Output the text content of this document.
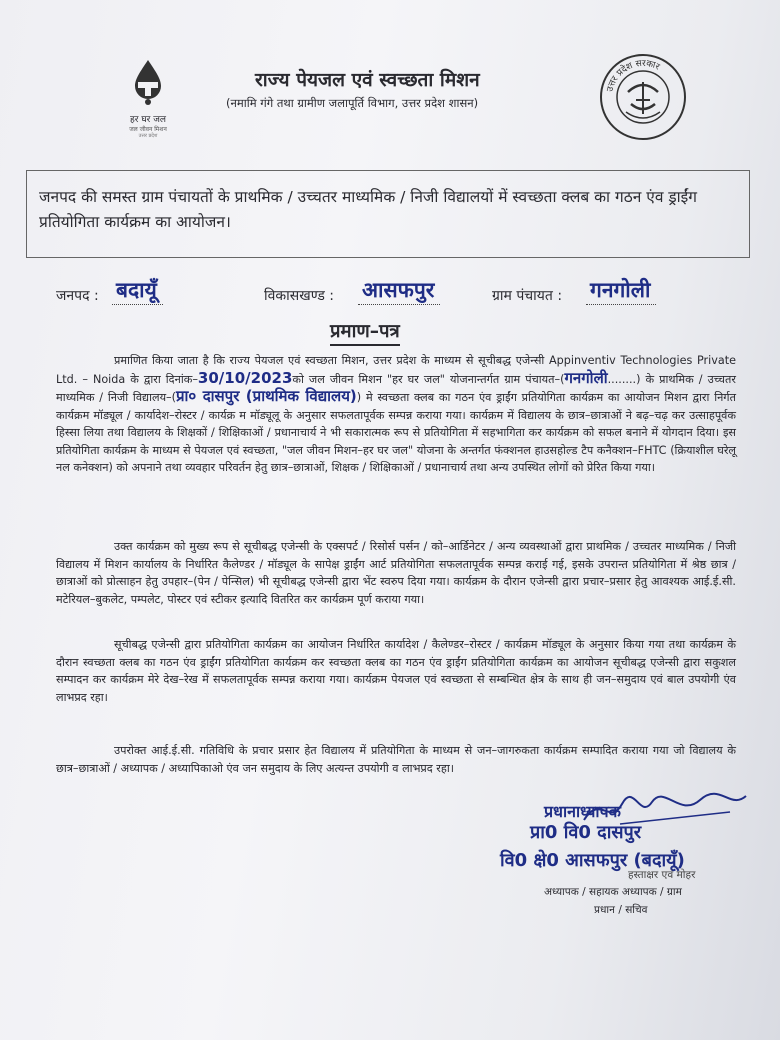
हर घर जल
जल जीवन मिशन
उत्तर प्रदेश
राज्य पेयजल एवं स्वच्छता मिशन
(नमामि गंगे तथा ग्रामीण जलापूर्ति विभाग, उत्तर प्रदेश शासन)
उत्तर प्रदेश सरकार
जनपद की समस्त ग्राम पंचायतों के प्राथमिक / उच्चतर माध्यमिक / निजी विद्यालयों में स्वच्छता क्लब का गठन एंव ड्राईंग प्रतियोगिता कार्यक्रम का आयोजन।
जनपद : बदायूँ	विकासखण्ड : आसफपुर	ग्राम पंचायत : गनगोली
प्रमाण–पत्र
प्रमाणित किया जाता है कि राज्य पेयजल एवं स्वच्छता मिशन, उत्तर प्रदेश के माध्यम से सूचीबद्ध एजेन्सी Appinventiv Technologies Private Ltd. – Noida के द्वारा दिनांक–30/10/2023को जल जीवन मिशन "हर घर जल" योजनान्तर्गत ग्राम पंचायत–(गनगोली........) के प्राथमिक / उच्चतर माध्यमिक / निजी विद्यालय–(प्रा० दासपुर (प्राथमिक विद्यालय)) मे स्वच्छता क्लब का गठन एंव ड्राईंग प्रतियोगिता कार्यक्रम का आयोजन मिशन द्वारा निर्गत कार्यक्रम मॉड्यूल / कार्यादेश–रोस्टर / कार्यक्र म मॉड्यूलू के अनुसार सफलतापूर्वक सम्पन्न कराया गया। कार्यक्रम में विद्यालय के छात्र–छात्राओं ने बढ़–चढ़ कर उत्साहपूर्वक हिस्सा लिया तथा विद्यालय के शिक्षकों / शिक्षिकाओं / प्रधानाचार्य ने भी सकारात्मक रूप से प्रतियोगिता में सहभागिता कर कार्यक्रम को सफल बनाने में योगदान दिया। इस प्रतियोगिता कार्यक्रम के माध्यम से पेयजल एवं स्वच्छता, "जल जीवन मिशन–हर घर जल" योजना के अन्तर्गत फंक्शनल हाउसहोल्ड टैप कनैक्शन–FHTC (क्रियाशील घरेलू नल कनेक्शन) को अपनाने तथा व्यवहार परिवर्तन हेतु छात्र–छात्राओं, शिक्षक / शिक्षिकाओं / प्रधानाचार्य तथा अन्य उपस्थित लोगों को प्रेरित किया गया।
उक्त कार्यक्रम को मुख्य रूप से सूचीबद्ध एजेन्सी के एक्सपर्ट / रिसोर्स पर्सन / को–आर्डिनेटर / अन्य व्यवस्थाओं द्वारा प्राथमिक / उच्चतर माध्यमिक / निजी विद्यालय में मिशन कार्यालय के निर्धारित कैलेण्डर / मॉड्यूल के सापेक्ष ड्राईंग आर्ट प्रतियोगिता सफलतापूर्वक सम्पन्न कराई गई, इसके उपरान्त प्रतियोगिता में श्रेष्ठ छात्र / छात्राओं को प्रोत्साहन हेतु उपहार–(पेन / पेन्सिल) भी सूचीबद्ध एजेन्सी द्वारा भेंट स्वरुप दिया गया। कार्यक्रम के दौरान एजेन्सी द्वारा प्रचार–प्रसार हेतु आवश्यक आई.ई.सी. मटेरियल–बुकलेट, पम्पलेट, पोस्टर एवं स्टीकर इत्यादि वितरित कर कार्यक्रम पूर्ण कराया गया।
सूचीबद्ध एजेन्सी द्वारा प्रतियोगिता कार्यक्रम का आयोजन निर्धारित कार्यादेश / कैलेण्डर–रोस्टर / कार्यक्रम मॉड्यूल के अनुसार किया गया तथा कार्यक्रम के दौरान स्वच्छता क्लब का गठन एंव ड्राईंग प्रतियोगिता कार्यक्रम कर स्वच्छता क्लब का गठन एंव ड्राईंग प्रतियोगिता कार्यक्रम का आयोजन सूचीबद्ध एजेन्सी द्वारा सकुशल सम्पादन कर कार्यक्रम मेरे देख–रेख में सफलतापूर्वक सम्पन्न कराया गया। कार्यक्रम पेयजल एवं स्वच्छता से सम्बन्धित क्षेत्र के साथ ही जन–समुदाय एवं बाल उपयोगी एंव लाभप्रद रहा।
उपरोक्त आई.ई.सी. गतिविधि के प्रचार प्रसार हेत विद्यालय में प्रतियोगिता के माध्यम से जन–जागरुकता कार्यक्रम सम्पादित कराया गया जो विद्यालय के छात्र–छात्राओं / अध्यापक / अध्यापिकाओ एंव जन समुदाय के लिए अत्यन्त उपयोगी व लाभप्रद रहा।
प्रधानाध्यापक
प्रा0 वि0 दासपुर
वि0 क्षे0 आसफपुर (बदायूँ)
हस्ताक्षर एवं मोहर
अध्यापक / सहायक अध्यापक / ग्राम
प्रधान / सचिव
